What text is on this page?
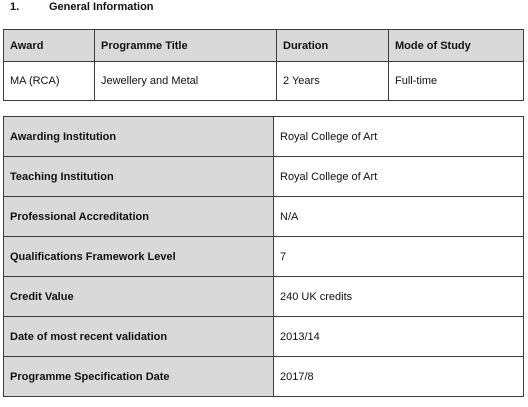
1.	General Information
Award	Programme Title	Duration	Mode of Study
MA (RCA)	Jewellery and Metal	2 Years	Full-time
Awarding Institution	Royal College of Art
Teaching Institution	Royal College of Art
Professional Accreditation	N/A
Qualifications Framework Level	7
Credit Value	240 UK credits
Date of most recent validation	2013/14
Programme Specification Date	2017/8
